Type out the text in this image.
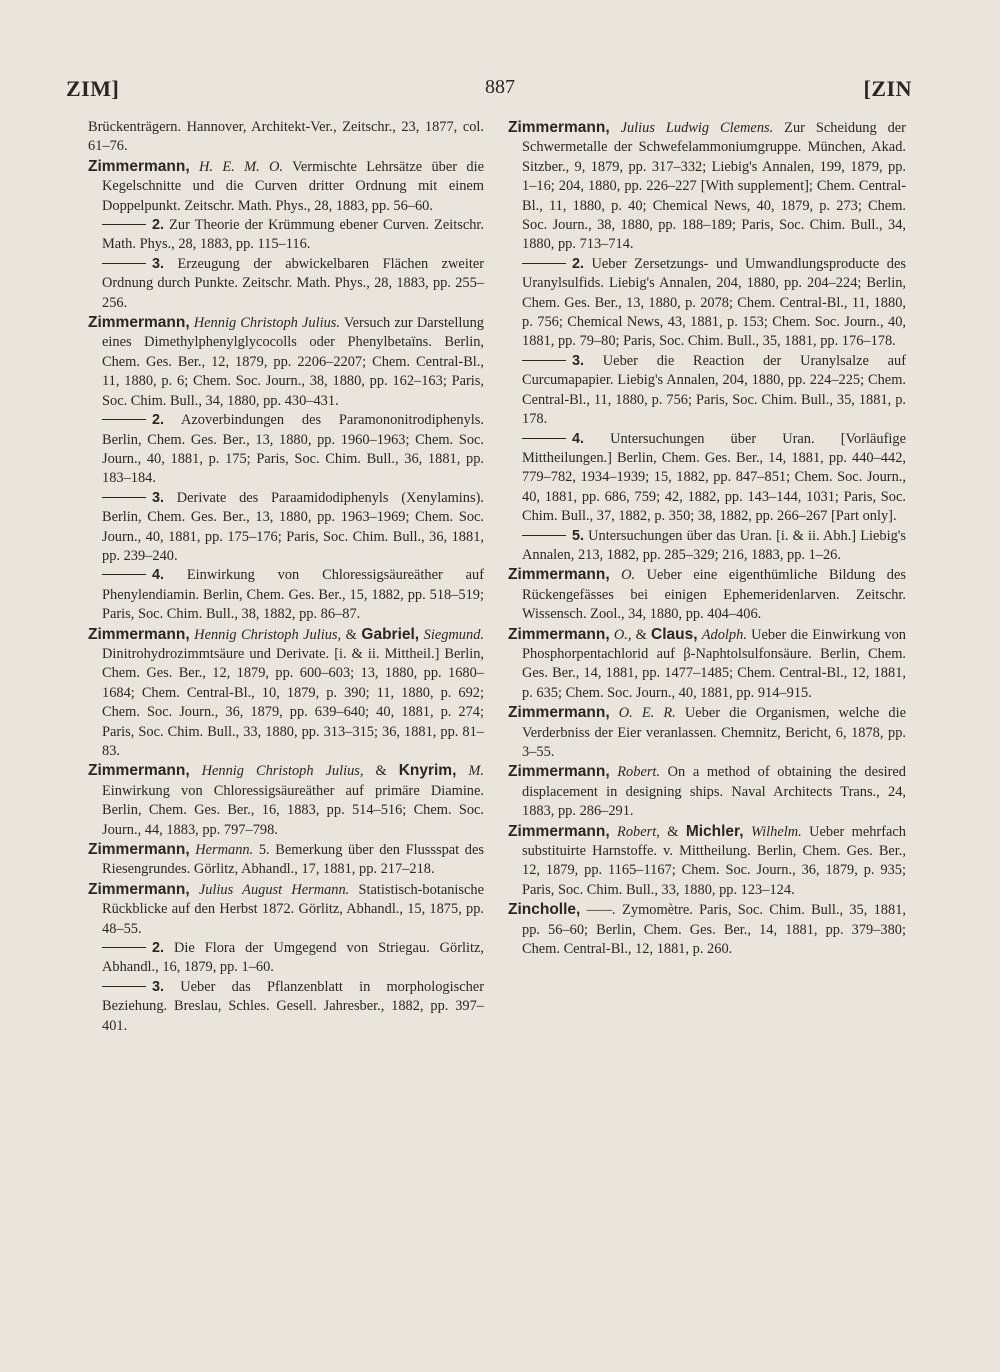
ZIM]	887	[ZIN

Brückenträgern. Hannover, Architekt-Ver., Zeitschr., 23, 1877, col. 61–76.

Zimmermann, H. E. M. O. Vermischte Lehrsätze über die Kegelschnitte und die Curven dritter Ordnung mit einem Doppelpunkt. Zeitschr. Math. Phys., 28, 1883, pp. 56–60.

2. Zur Theorie der Krümmung ebener Curven. Zeitschr. Math. Phys., 28, 1883, pp. 115–116.

3. Erzeugung der abwickelbaren Flächen zweiter Ordnung durch Punkte. Zeitschr. Math. Phys., 28, 1883, pp. 255–256.

Zimmermann, Hennig Christoph Julius. Versuch zur Darstellung eines Dimethylphenylglycocolls oder Phenylbetaïns. Berlin, Chem. Ges. Ber., 12, 1879, pp. 2206–2207; Chem. Central-Bl., 11, 1880, p. 6; Chem. Soc. Journ., 38, 1880, pp. 162–163; Paris, Soc. Chim. Bull., 34, 1880, pp. 430–431.

2. Azoverbindungen des Paramononitrodiphenyls. Berlin, Chem. Ges. Ber., 13, 1880, pp. 1960–1963; Chem. Soc. Journ., 40, 1881, p. 175; Paris, Soc. Chim. Bull., 36, 1881, pp. 183–184.

3. Derivate des Paraamidodiphenyls (Xenylamins). Berlin, Chem. Ges. Ber., 13, 1880, pp. 1963–1969; Chem. Soc. Journ., 40, 1881, pp. 175–176; Paris, Soc. Chim. Bull., 36, 1881, pp. 239–240.

4. Einwirkung von Chloressigsäureäther auf Phenylendiamin. Berlin, Chem. Ges. Ber., 15, 1882, pp. 518–519; Paris, Soc. Chim. Bull., 38, 1882, pp. 86–87.

Zimmermann, Hennig Christoph Julius, & Gabriel, Siegmund. Dinitrohydrozimmtsäure und Derivate. [i. & ii. Mittheil.] Berlin, Chem. Ges. Ber., 12, 1879, pp. 600–603; 13, 1880, pp. 1680–1684; Chem. Central-Bl., 10, 1879, p. 390; 11, 1880, p. 692; Chem. Soc. Journ., 36, 1879, pp. 639–640; 40, 1881, p. 274; Paris, Soc. Chim. Bull., 33, 1880, pp. 313–315; 36, 1881, pp. 81–83.

Zimmermann, Hennig Christoph Julius, & Knyrim, M. Einwirkung von Chloressigsäureäther auf primäre Diamine. Berlin, Chem. Ges. Ber., 16, 1883, pp. 514–516; Chem. Soc. Journ., 44, 1883, pp. 797–798.

Zimmermann, Hermann. 5. Bemerkung über den Flussspat des Riesengrundes. Görlitz, Abhandl., 17, 1881, pp. 217–218.

Zimmermann, Julius August Hermann. Statistisch-botanische Rückblicke auf den Herbst 1872. Görlitz, Abhandl., 15, 1875, pp. 48–55.

2. Die Flora der Umgegend von Striegau. Görlitz, Abhandl., 16, 1879, pp. 1–60.

3. Ueber das Pflanzenblatt in morphologischer Beziehung. Breslau, Schles. Gesell. Jahresber., 1882, pp. 397–401.

Zimmermann, Julius Ludwig Clemens. Zur Scheidung der Schwermetalle der Schwefelammoniumgruppe. München, Akad. Sitzber., 9, 1879, pp. 317–332; Liebig's Annalen, 199, 1879, pp. 1–16; 204, 1880, pp. 226–227 [With supplement]; Chem. Central-Bl., 11, 1880, p. 40; Chemical News, 40, 1879, p. 273; Chem. Soc. Journ., 38, 1880, pp. 188–189; Paris, Soc. Chim. Bull., 34, 1880, pp. 713–714.

2. Ueber Zersetzungs- und Umwandlungsproducte des Uranylsulfids. Liebig's Annalen, 204, 1880, pp. 204–224; Berlin, Chem. Ges. Ber., 13, 1880, p. 2078; Chem. Central-Bl., 11, 1880, p. 756; Chemical News, 43, 1881, p. 153; Chem. Soc. Journ., 40, 1881, pp. 79–80; Paris, Soc. Chim. Bull., 35, 1881, pp. 176–178.

3. Ueber die Reaction der Uranylsalze auf Curcumapapier. Liebig's Annalen, 204, 1880, pp. 224–225; Chem. Central-Bl., 11, 1880, p. 756; Paris, Soc. Chim. Bull., 35, 1881, p. 178.

4. Untersuchungen über Uran. [Vorläufige Mittheilungen.] Berlin, Chem. Ges. Ber., 14, 1881, pp. 440–442, 779–782, 1934–1939; 15, 1882, pp. 847–851; Chem. Soc. Journ., 40, 1881, pp. 686, 759; 42, 1882, pp. 143–144, 1031; Paris, Soc. Chim. Bull., 37, 1882, p. 350; 38, 1882, pp. 266–267 [Part only].

5. Untersuchungen über das Uran. [i. & ii. Abh.] Liebig's Annalen, 213, 1882, pp. 285–329; 216, 1883, pp. 1–26.

Zimmermann, O. Ueber eine eigenthümliche Bildung des Rückengefässes bei einigen Ephemeridenlarven. Zeitschr. Wissensch. Zool., 34, 1880, pp. 404–406.

Zimmermann, O., & Claus, Adolph. Ueber die Einwirkung von Phosphorpentachlorid auf β-Naphtolsulfonsäure. Berlin, Chem. Ges. Ber., 14, 1881, pp. 1477–1485; Chem. Central-Bl., 12, 1881, p. 635; Chem. Soc. Journ., 40, 1881, pp. 914–915.

Zimmermann, O. E. R. Ueber die Organismen, welche die Verderbniss der Eier veranlassen. Chemnitz, Bericht, 6, 1878, pp. 3–55.

Zimmermann, Robert. On a method of obtaining the desired displacement in designing ships. Naval Architects Trans., 24, 1883, pp. 286–291.

Zimmermann, Robert, & Michler, Wilhelm. Ueber mehrfach substituirte Harnstoffe. v. Mittheilung. Berlin, Chem. Ges. Ber., 12, 1879, pp. 1165–1167; Chem. Soc. Journ., 36, 1879, p. 935; Paris, Soc. Chim. Bull., 33, 1880, pp. 123–124.

Zincholle, ——. Zymomètre. Paris, Soc. Chim. Bull., 35, 1881, pp. 56–60; Berlin, Chem. Ges. Ber., 14, 1881, pp. 379–380; Chem. Central-Bl., 12, 1881, p. 260.
